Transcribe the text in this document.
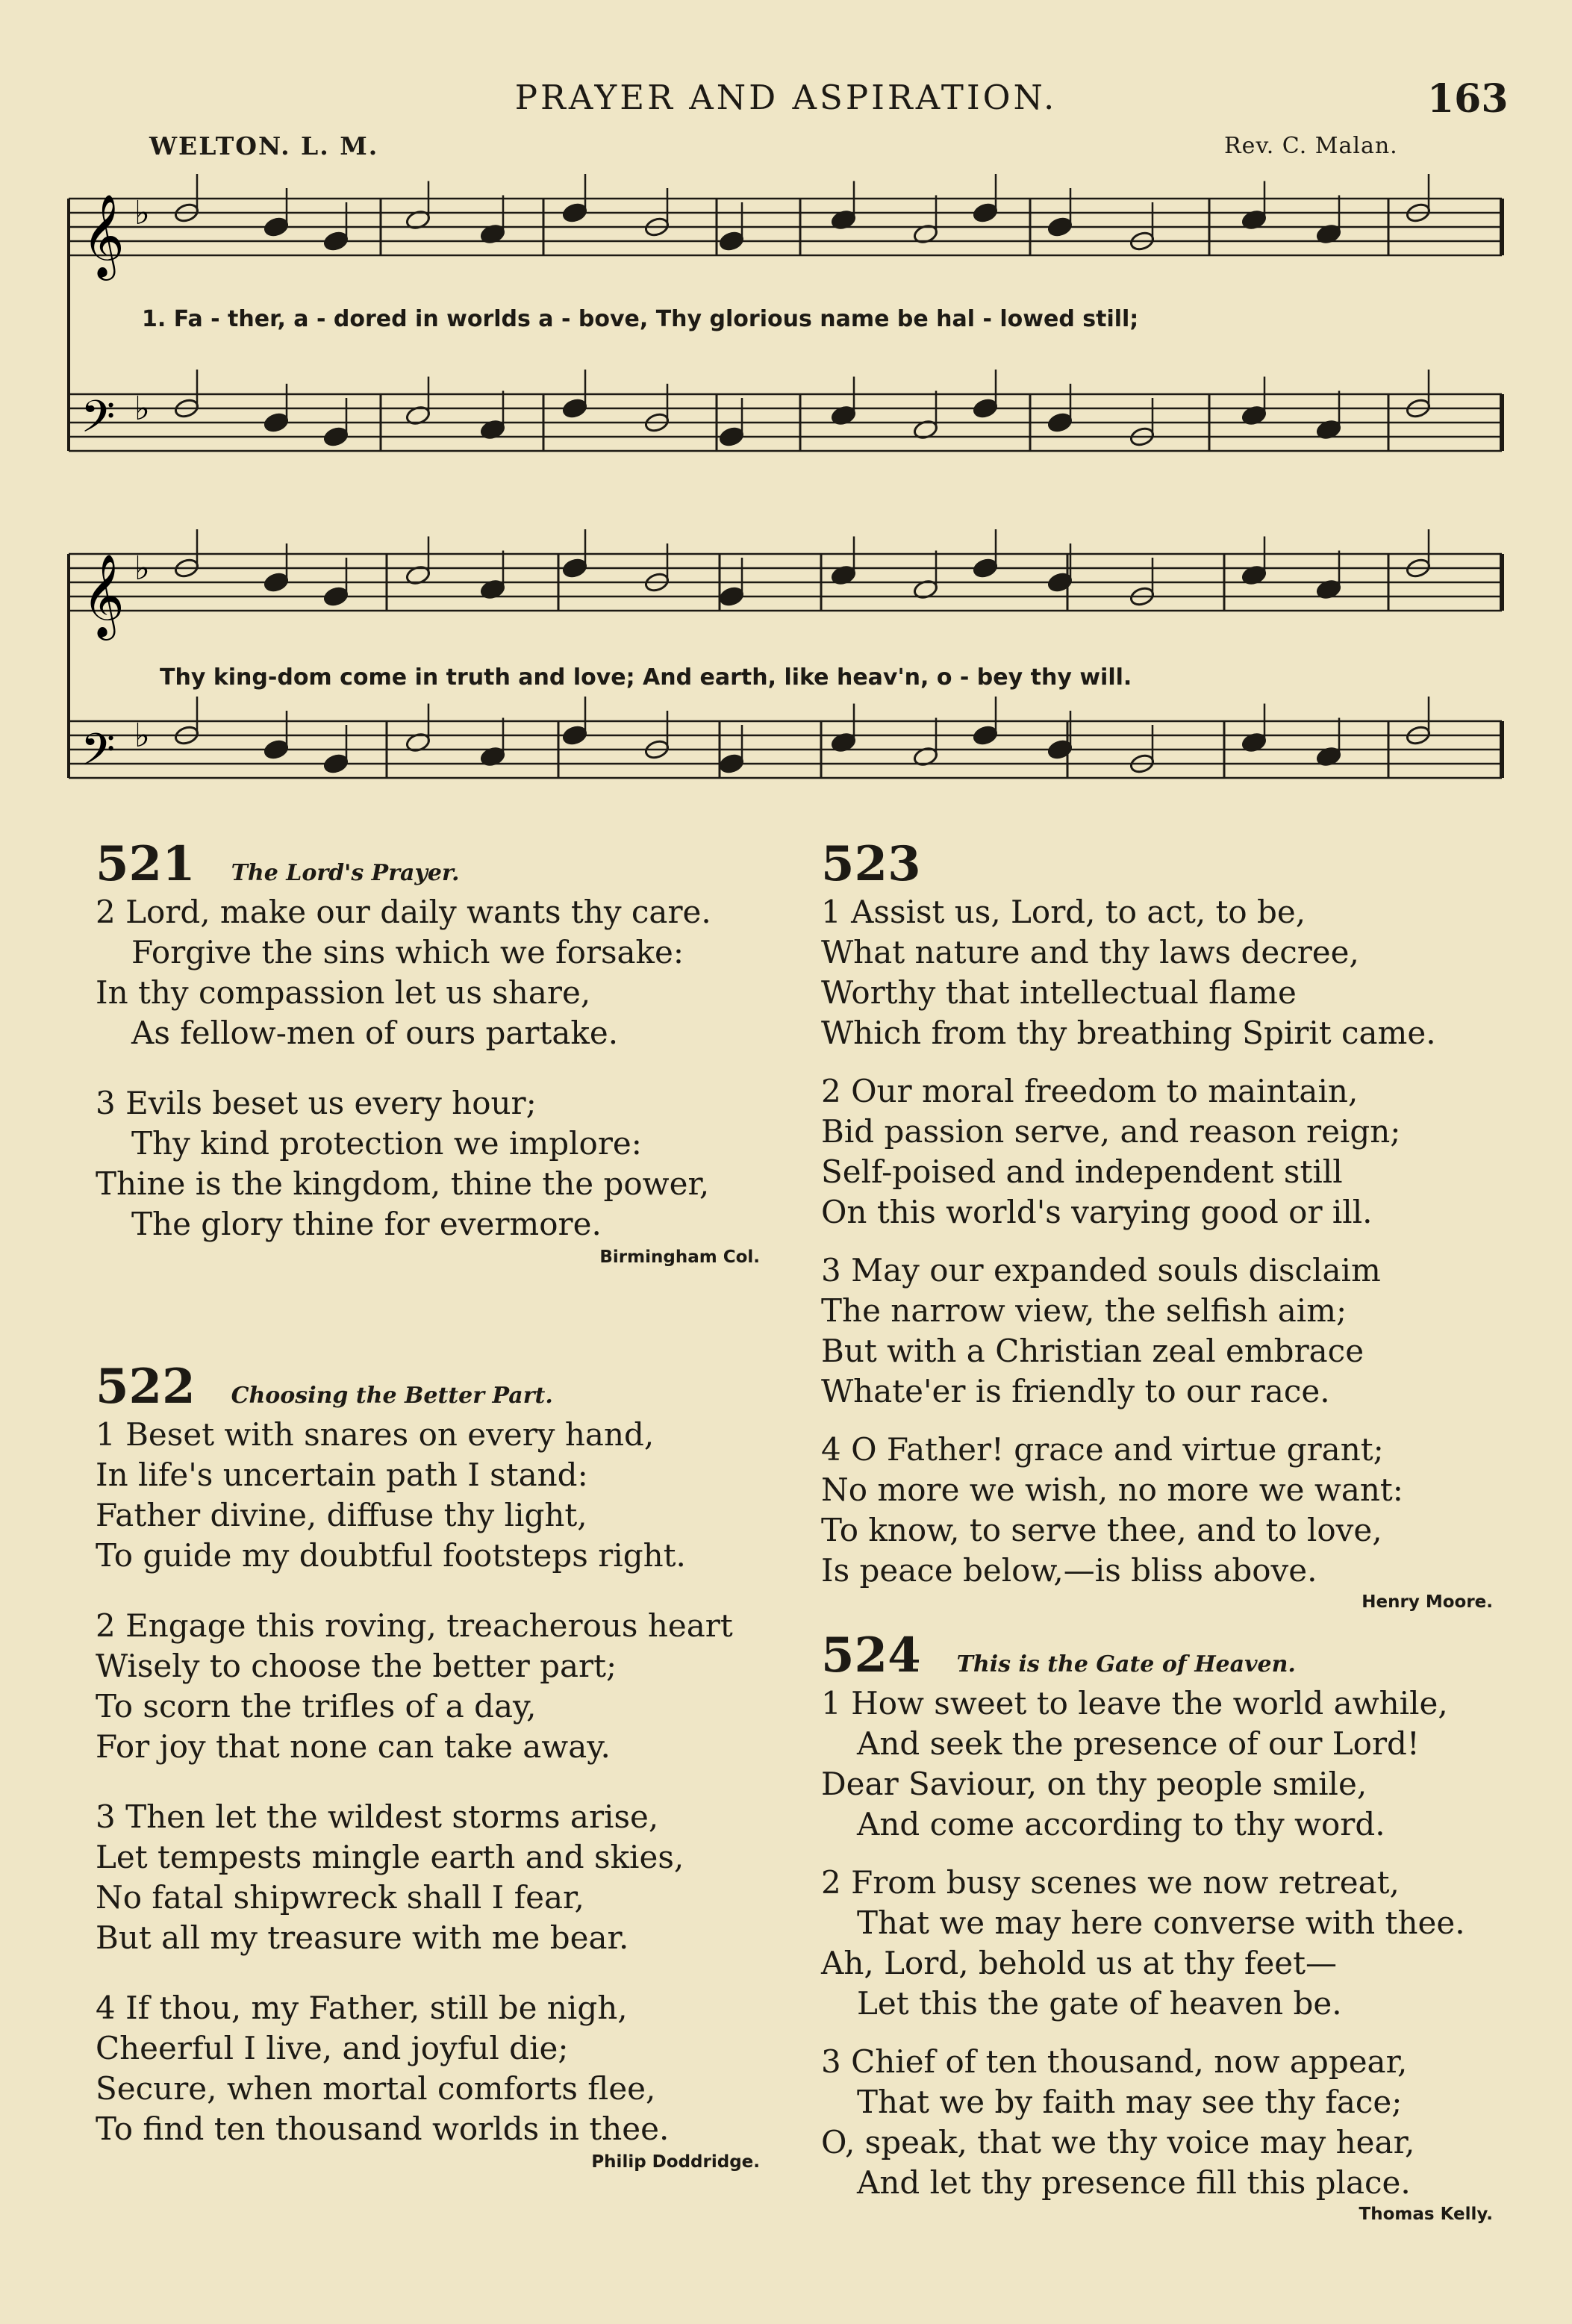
PRAYER AND ASPIRATION.	163
WELTON. L. M.	Rev. C. Malan.
𝄞
𝄞
𝄢
𝄢
♭
♭
♭
♭
1. Fa - ther, a - dored in worlds a - bove, Thy glorious name be hal - lowed still;
Thy king-dom come in truth and love; And earth, like heav'n, o - bey thy will.
521 The Lord's Prayer.
2 Lord, make our daily wants thy care.
Forgive the sins which we forsake:
In thy compassion let us share,
As fellow-men of ours partake.
3 Evils beset us every hour;
Thy kind protection we implore:
Thine is the kingdom, thine the power,
The glory thine for evermore.
Birmingham Col.
522 Choosing the Better Part.
1 Beset with snares on every hand,
In life's uncertain path I stand:
Father divine, diffuse thy light,
To guide my doubtful footsteps right.
2 Engage this roving, treacherous heart
Wisely to choose the better part;
To scorn the trifles of a day,
For joy that none can take away.
3 Then let the wildest storms arise,
Let tempests mingle earth and skies,
No fatal shipwreck shall I fear,
But all my treasure with me bear.
4 If thou, my Father, still be nigh,
Cheerful I live, and joyful die;
Secure, when mortal comforts flee,
To find ten thousand worlds in thee.
Philip Doddridge.
523
1 Assist us, Lord, to act, to be,
What nature and thy laws decree,
Worthy that intellectual flame
Which from thy breathing Spirit came.
2 Our moral freedom to maintain,
Bid passion serve, and reason reign;
Self-poised and independent still
On this world's varying good or ill.
3 May our expanded souls disclaim
The narrow view, the selfish aim;
But with a Christian zeal embrace
Whate'er is friendly to our race.
4 O Father! grace and virtue grant;
No more we wish, no more we want:
To know, to serve thee, and to love,
Is peace below,—is bliss above.
Henry Moore.
524 This is the Gate of Heaven.
1 How sweet to leave the world awhile,
And seek the presence of our Lord!
Dear Saviour, on thy people smile,
And come according to thy word.
2 From busy scenes we now retreat,
That we may here converse with thee.
Ah, Lord, behold us at thy feet—
Let this the gate of heaven be.
3 Chief of ten thousand, now appear,
That we by faith may see thy face;
O, speak, that we thy voice may hear,
And let thy presence fill this place.
Thomas Kelly.
